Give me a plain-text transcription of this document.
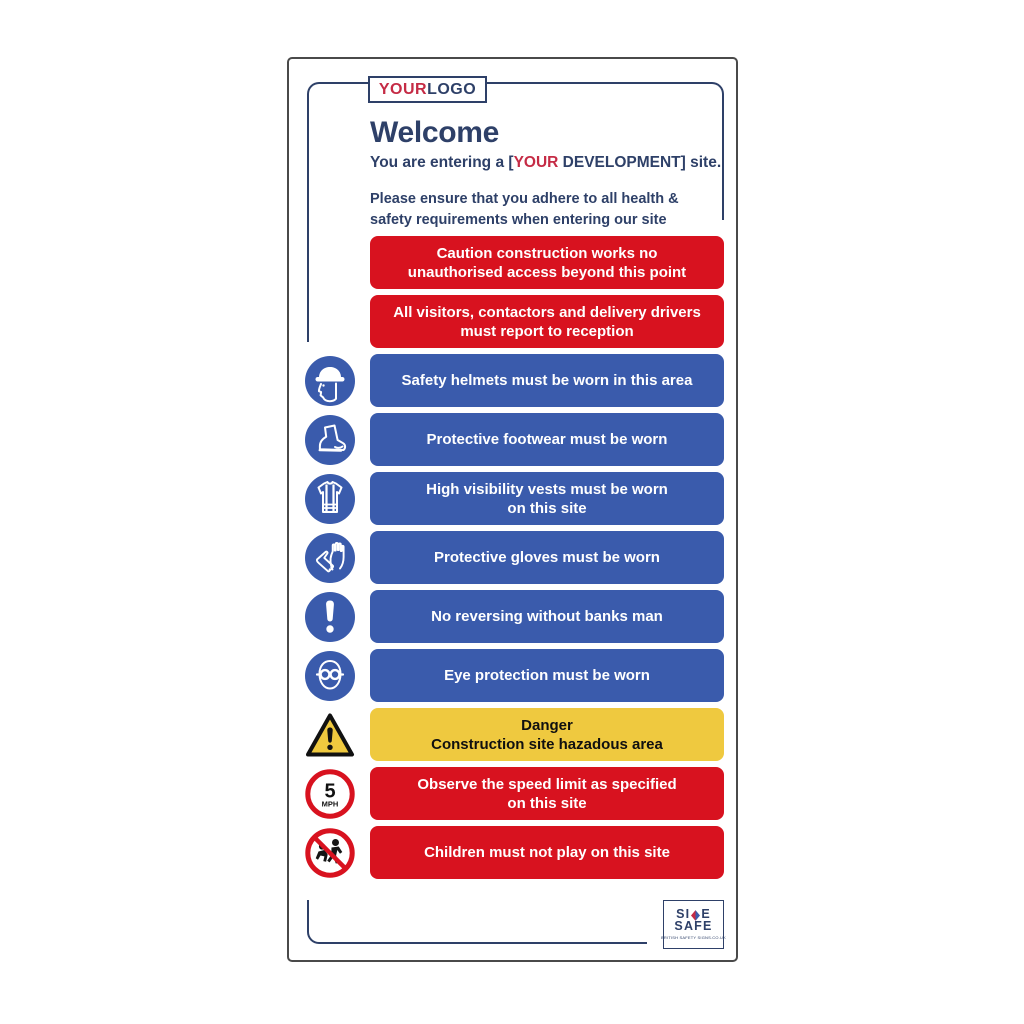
YOUR LOGO
Welcome
You are entering a [YOUR DEVELOPMENT] site.
Please ensure that you adhere to all health & safety requirements when entering our site
Caution construction works no
unauthorised access beyond this point
All visitors, contactors and delivery drivers
must report to reception
Safety helmets must be worn in this area
Protective footwear must be worn
High visibility vests must be worn
on this site
Protective gloves must be worn
No reversing without banks man
Eye protection must be worn
Danger
Construction site hazadous area
5
MPH
Observe the speed limit as specified
on this site
Children must not play on this site
SI E
SAFE
BRITISH SAFETY SIGNS.CO.UK
